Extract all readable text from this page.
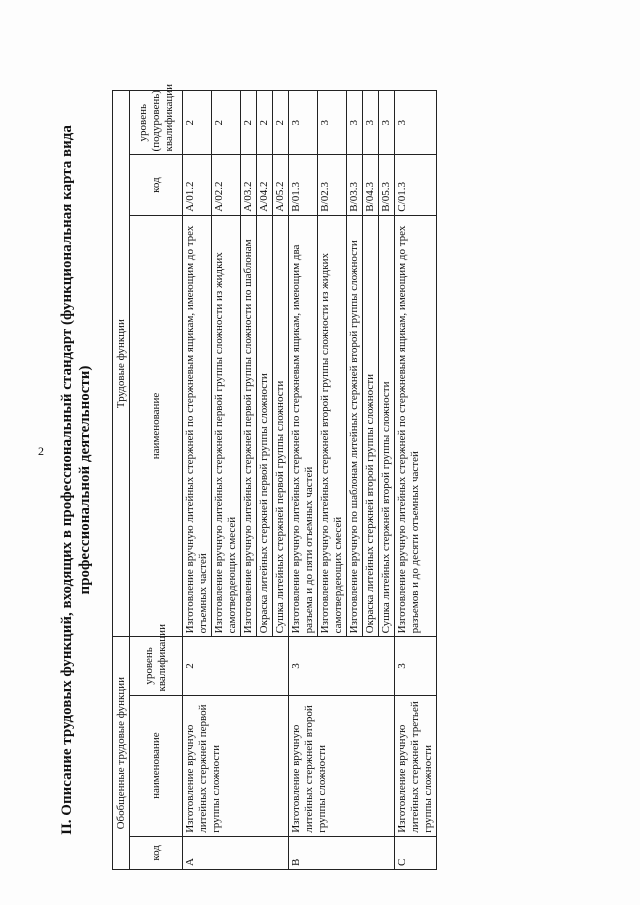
2 II. Описание трудовых функций, входящих в профессиональный стандарт (функциональная карта вида профессиональной деятельности)
Обобщенные трудовые функции			Трудовые функции		
код	наименование	уровень квалификации	наименование	код	уровень (подуровень) квалификации
A	Изготовление вручную литейных стержней первой группы сложности	2	Изготовление вручную литейных стержней по стержневым ящикам, имеющим до трех отъемных частей	A/01.2	2
			Изготовление вручную литейных стержней первой группы сложности из жидких самотвердеющих смесей	A/02.2	2
			Изготовление вручную литейных стержней первой группы сложности по шаблонам	A/03.2	2
			Окраска литейных стержней первой группы сложности	A/04.2	2
			Сушка литейных стержней первой группы сложности	A/05.2	2
B	Изготовление вручную литейных стержней второй группы сложности	3	Изготовление вручную литейных стержней по стержневым ящикам, имеющим два разъема и до пяти отъемных частей	B/01.3	3
			Изготовление вручную литейных стержней второй группы сложности из жидких самотвердеющих смесей	B/02.3	3
			Изготовление вручную по шаблонам литейных стержней второй группы сложности	B/03.3	3
			Окраска литейных стержней второй группы сложности	B/04.3	3
			Сушка литейных стержней второй группы сложности	B/05.3	3
C	Изготовление вручную литейных стержней третьей группы сложности	3	Изготовление вручную литейных стержней по стержневым ящикам, имеющим до трех разъемов и до десяти отъемных частей	C/01.3	3
